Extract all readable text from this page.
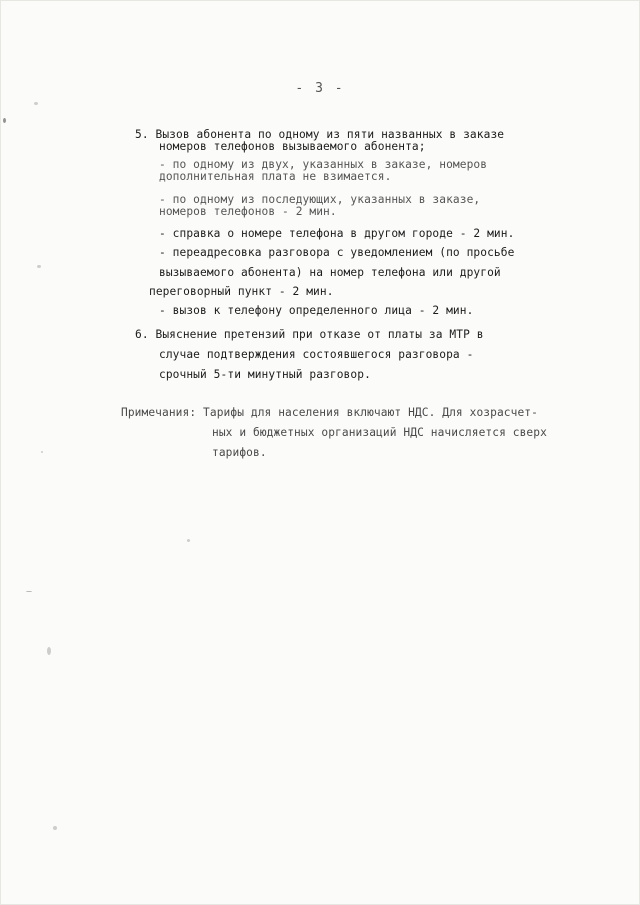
- 3 -
5. Вызов абонента по одному из пяти названных в заказе
номеров телефонов вызываемого абонента;
- по одному из двух, указанных в заказе, номеров
дополнительная плата не взимается.
- по одному из последующих, указанных в заказе,
номеров телефонов - 2 мин.
- справка о номере телефона в другом городе - 2 мин.
- переадресовка разговора с уведомлением (по просьбе
вызываемого абонента) на номер телефона или другой
переговорный пункт - 2 мин.
- вызов к телефону определенного лица - 2 мин.
6. Выяснение претензий при отказе от платы за МТР в
случае подтверждения состоявшегося разговора -
срочный 5-ти минутный разговор.
Примечания: Тарифы для населения включают НДС. Для хозрасчет-
ных и бюджетных организаций НДС начисляется сверх
тарифов.
